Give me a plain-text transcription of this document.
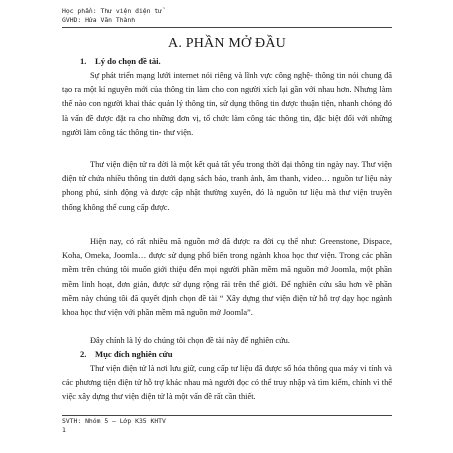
Học phần: Thư viện điện tử
GVHD: Hứa Văn Thành
A. PHẦN MỞ ĐẦU
1. Lý do chọn đề tài.

Sự phát triển mạng lưới internet nói riêng và lĩnh vực công nghệ- thông tin nói chung đã tạo ra một kỉ nguyên mới của thông tin làm cho con người xích lại gần với nhau hơn. Nhưng làm thế nào con người khai thác quản lý thông tin, sử dụng thông tin được thuận tiện, nhanh chóng đó là vấn đề được đặt ra cho những đơn vị, tổ chức làm công tác thông tin, đặc biệt đối với những người làm công tác thông tin- thư viện.

Thư viện điện tử ra đời là một kết quả tất yếu trong thời đại thông tin ngày nay. Thư viện điện tử chứa nhiều thông tin dưới dạng sách báo, tranh ảnh, âm thanh, video… nguồn tư liệu này phong phú, sinh động và được cập nhật thường xuyên, đó là nguồn tư liệu mà thư viện truyền thống không thể cung cấp được.

Hiện nay, có rất nhiều mã nguồn mở đã được ra đời cụ thể như: Greenstone, Dispace, Koha, Omeka, Joomla… được sử dụng phổ biến trong ngành khoa học thư viện. Trong các phần mềm trên chúng tôi muốn giới thiệu đến mọi người phần mềm mã nguồn mở Joomla, một phần mềm linh hoạt, đơn giản, được sử dụng rộng rãi trên thế giới. Để nghiên cứu sâu hơn về phần mềm này chúng tôi đã quyết định chọn đề tài “ Xây dựng thư viện điện tử hỗ trợ dạy học ngành khoa học thư viện với phần mềm mã nguồn mở Joomla”.

Đây chính là lý do chúng tôi chọn đề tài này để nghiên cứu.

2. Mục đích nghiên cứu

Thư viện điện tử là nơi lưu giữ, cung cấp tư liệu đã được số hóa thông qua máy vi tính và các phương tiện điện tử hỗ trợ khác nhau mà người đọc có thể truy nhập và tìm kiếm, chính vì thế việc xây dựng thư viện điện tử là một vấn đề rất cần thiết.

SVTH: Nhóm 5 – Lớp K35 KHTV
1
